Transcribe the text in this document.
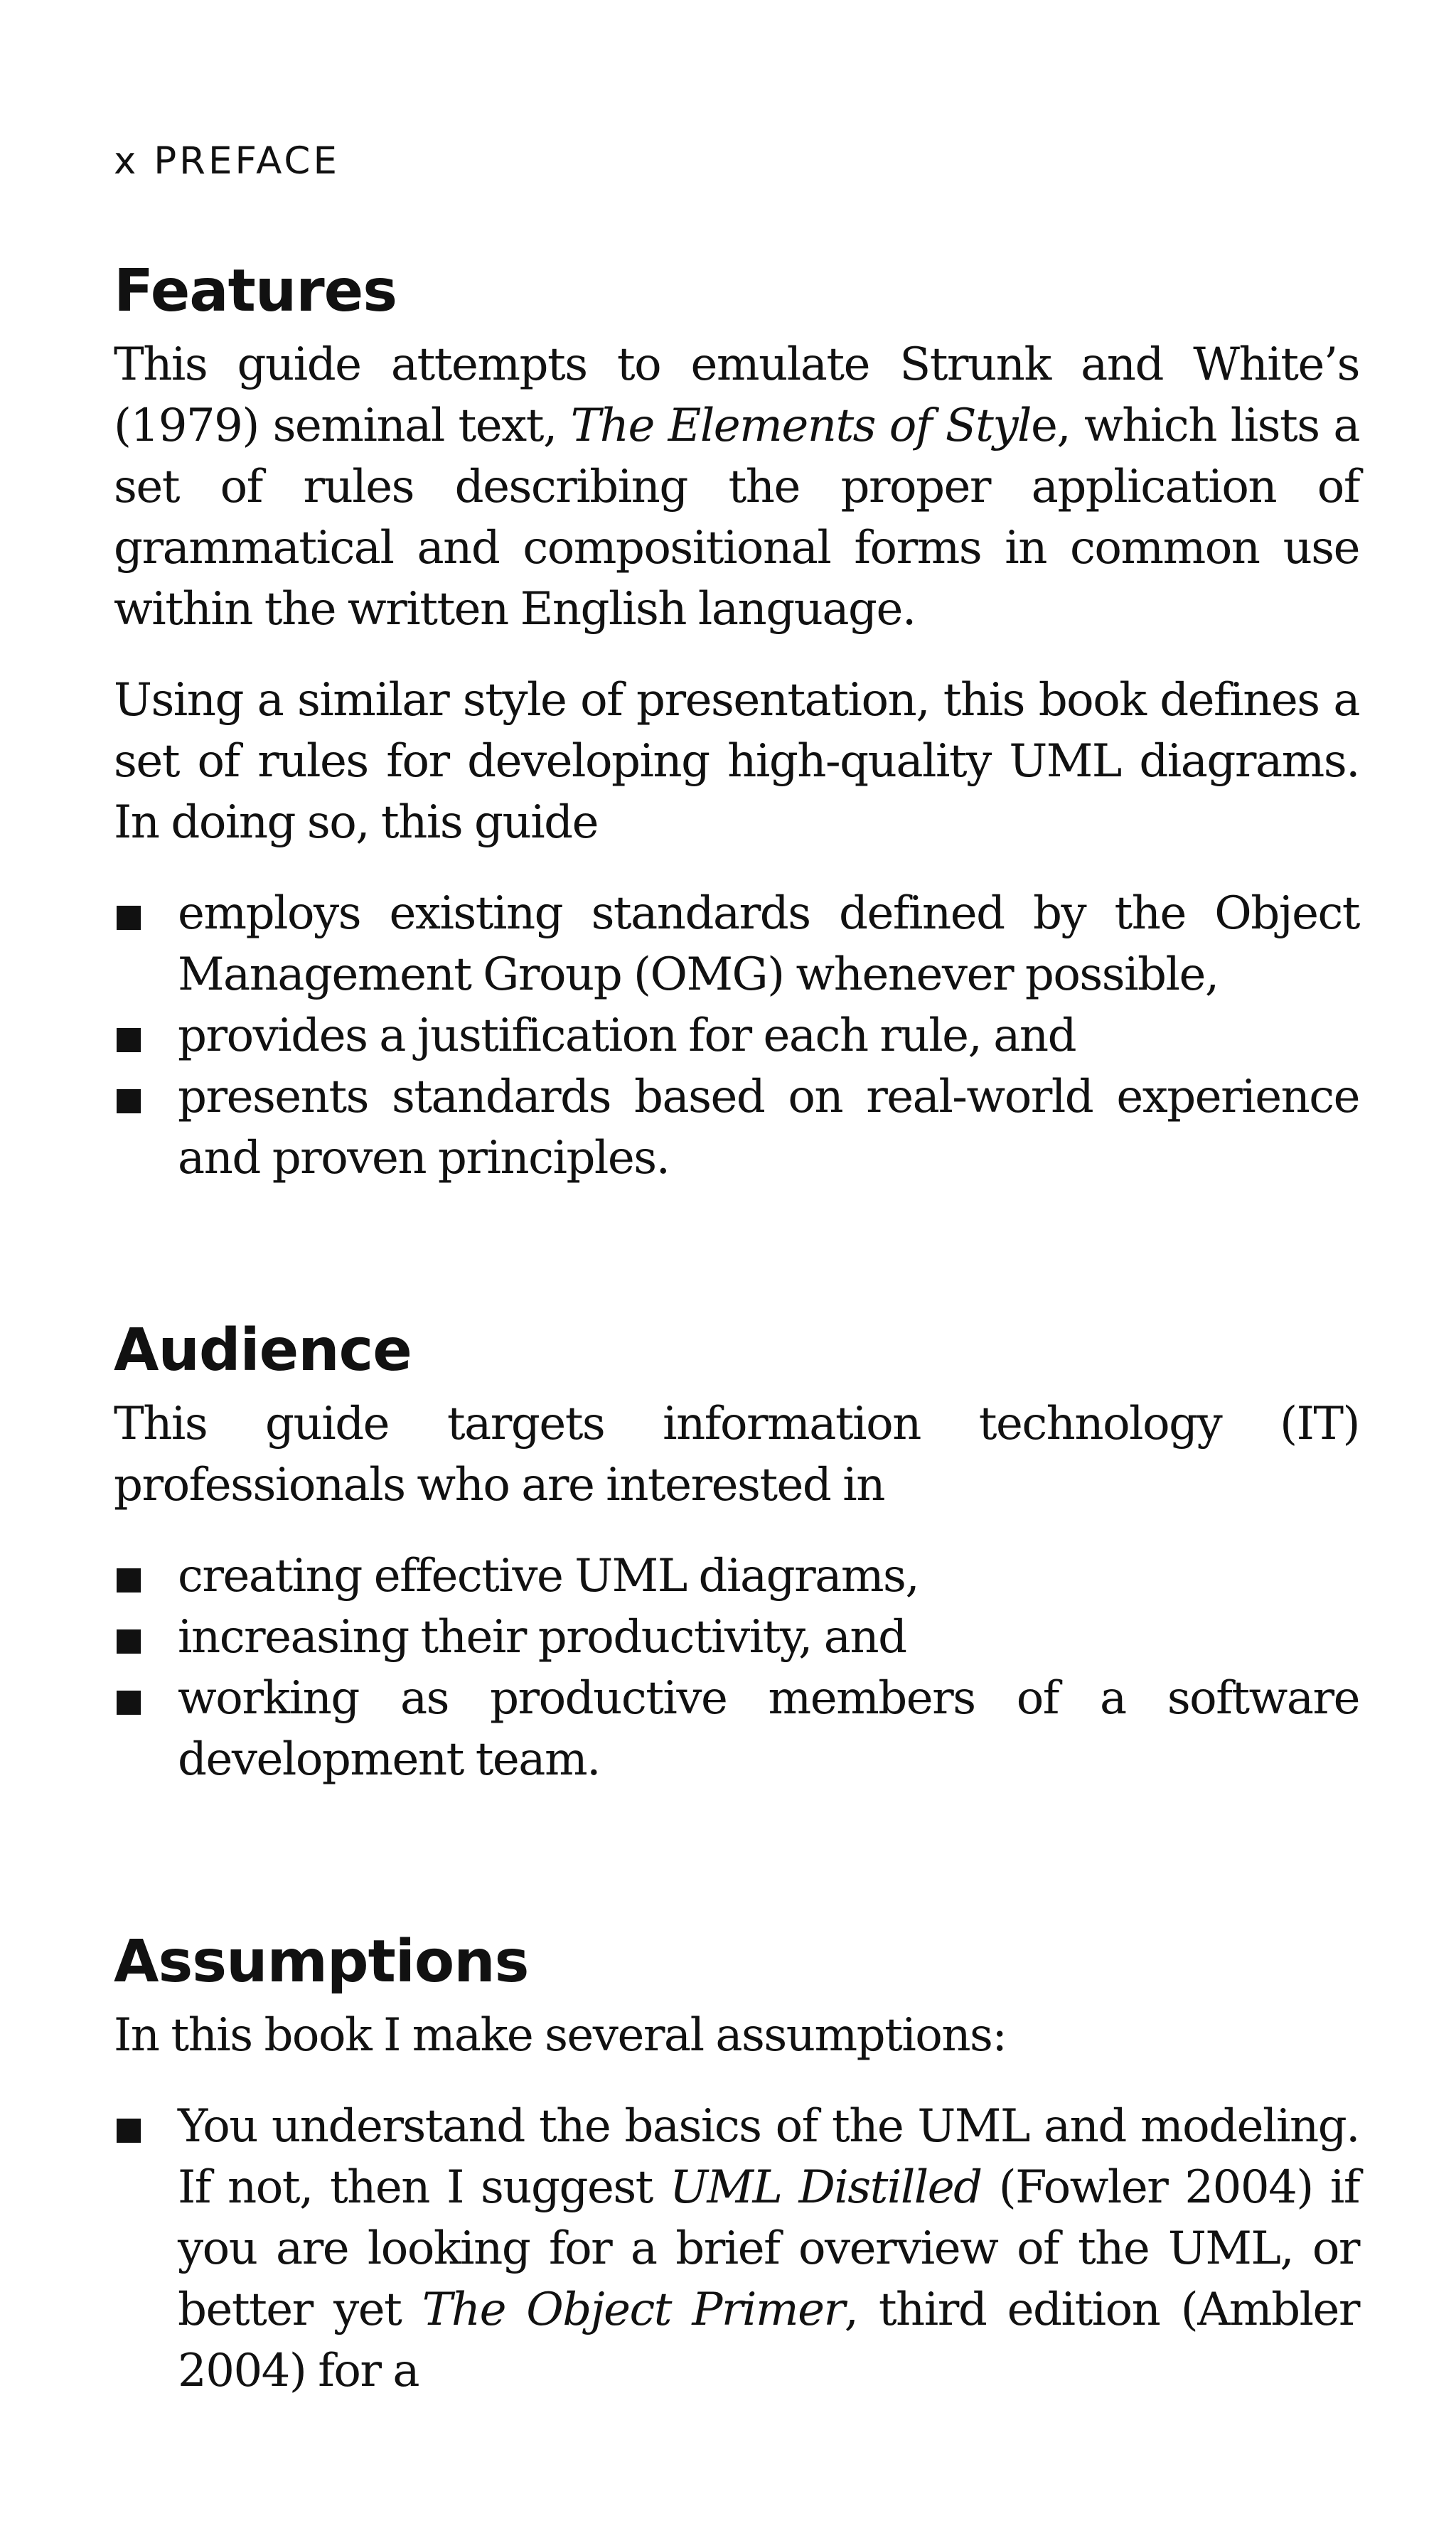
x PREFACE
Features

This guide attempts to emulate Strunk and White’s (1979) seminal text, The Elements of Style, which lists a set of rules describing the proper application of grammatical and compositional forms in common use within the written English language.

Using a similar style of presentation, this book defines a set of rules for developing high-quality UML diagrams. In doing so, this guide

employs existing standards defined by the Object Management Group (OMG) whenever possible,
provides a justification for each rule, and
presents standards based on real-world experience and proven principles.
Audience

This guide targets information technology (IT) professionals who are interested in

creating effective UML diagrams,
increasing their productivity, and
working as productive members of a software development team.
Assumptions

In this book I make several assumptions:

You understand the basics of the UML and modeling. If not, then I suggest UML Distilled (Fowler 2004) if you are looking for a brief overview of the UML, or better yet The Object Primer, third edition (Ambler 2004) for a
